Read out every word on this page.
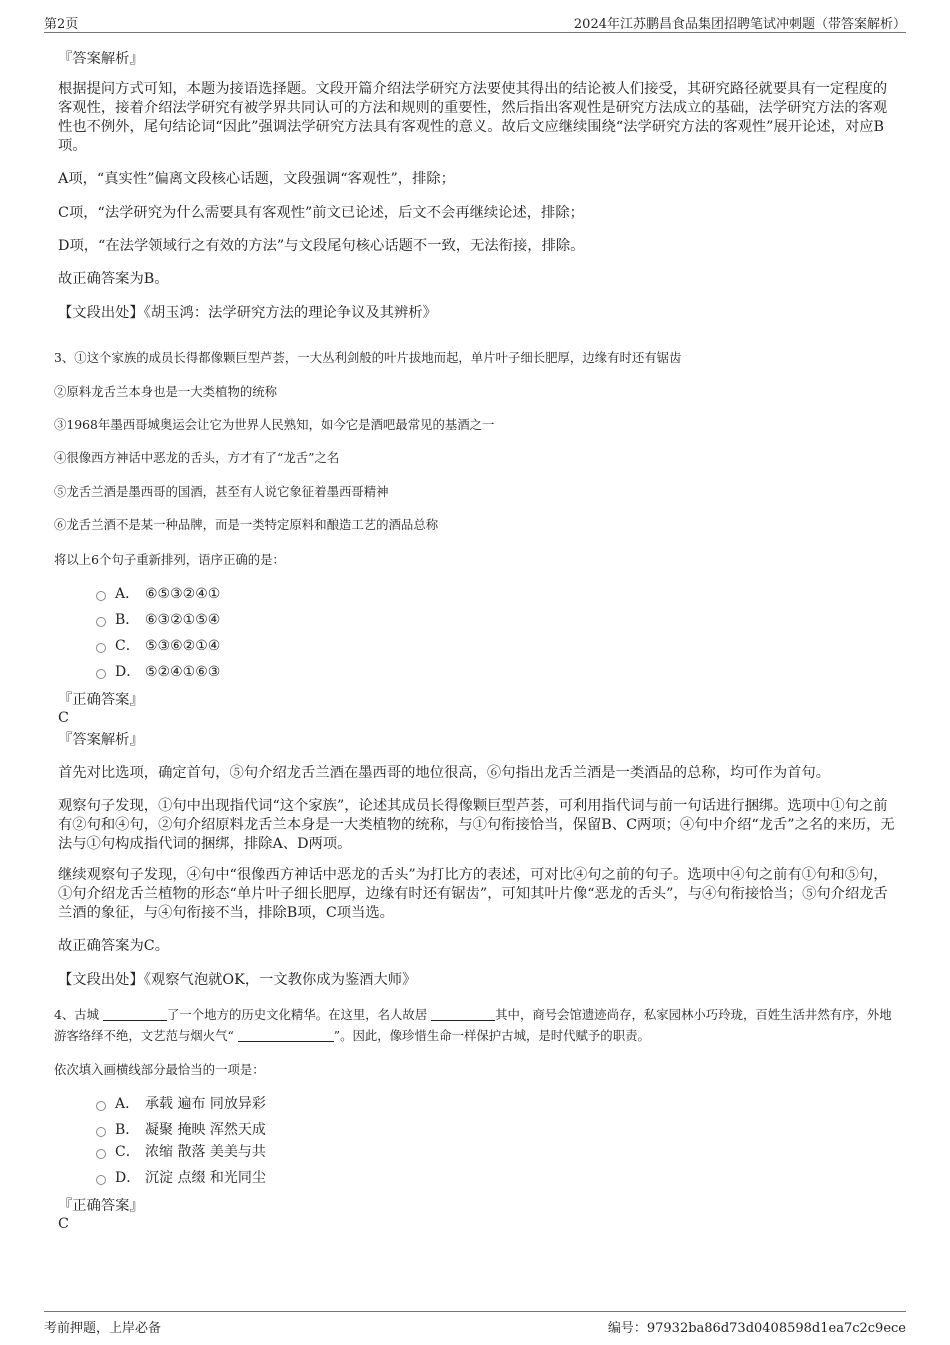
第2页	2024年江苏鹏昌食品集团招聘笔试冲刺题（带答案解析）

『答案解析』

根据提问方式可知，本题为接语选择题。文段开篇介绍法学研究方法要使其得出的结论被人们接受，其研究路径就要具有一定程度的客观性，接着介绍法学研究有被学界共同认可的方法和规则的重要性，然后指出客观性是研究方法成立的基础，法学研究方法的客观性也不例外，尾句结论词“因此”强调法学研究方法具有客观性的意义。故后文应继续围绕“法学研究方法的客观性”展开论述，对应B项。

A项，“真实性”偏离文段核心话题，文段强调“客观性”，排除；

C项，“法学研究为什么需要具有客观性”前文已论述，后文不会再继续论述，排除；

D项，“在法学领域行之有效的方法”与文段尾句核心话题不一致，无法衔接，排除。

故正确答案为B。

【文段出处】《胡玉鸿：法学研究方法的理论争议及其辨析》

3、①这个家族的成员长得都像颗巨型芦荟，一大丛利剑般的叶片拔地而起，单片叶子细长肥厚，边缘有时还有锯齿

②原料龙舌兰本身也是一大类植物的统称

③1968年墨西哥城奥运会让它为世界人民熟知，如今它是酒吧最常见的基酒之一

④很像西方神话中恶龙的舌头，方才有了“龙舌”之名

⑤龙舌兰酒是墨西哥的国酒，甚至有人说它象征着墨西哥精神

⑥龙舌兰酒不是某一种品牌，而是一类特定原料和酿造工艺的酒品总称

将以上6个句子重新排列，语序正确的是：

A． ⑥⑤③②④①
B． ⑥③②①⑤④
C． ⑤③⑥②①④
D． ⑤②④①⑥③

『正确答案』

C

『答案解析』

首先对比选项，确定首句，⑤句介绍龙舌兰酒在墨西哥的地位很高，⑥句指出龙舌兰酒是一类酒品的总称，均可作为首句。

观察句子发现，①句中出现指代词“这个家族”，论述其成员长得像颗巨型芦荟，可利用指代词与前一句话进行捆绑。选项中①句之前有②句和④句，②句介绍原料龙舌兰本身是一大类植物的统称，与①句衔接恰当，保留B、C两项；④句中介绍“龙舌”之名的来历，无法与①句构成指代词的捆绑，排除A、D两项。

继续观察句子发现，④句中“很像西方神话中恶龙的舌头”为打比方的表述，可对比④句之前的句子。选项中④句之前有①句和⑤句，①句介绍龙舌兰植物的形态“单片叶子细长肥厚，边缘有时还有锯齿”，可知其叶片像“恶龙的舌头”，与④句衔接恰当；⑤句介绍龙舌兰酒的象征，与④句衔接不当，排除B项，C项当选。

故正确答案为C。

【文段出处】《观察气泡就OK，一文教你成为鉴酒大师》

4、古城	了一个地方的历史文化精华。在这里，名人故居	其中，商号会馆遗迹尚存，私家园林小巧玲珑，百姓生活井然有序，外地游客络绎不绝，文艺范与烟火气“	”。因此，像珍惜生命一样保护古城，是时代赋予的职责。

依次填入画横线部分最恰当的一项是：

A． 承载 遍布 同放异彩
B． 凝聚 掩映 浑然天成
C． 浓缩 散落 美美与共
D． 沉淀 点缀 和光同尘

『正确答案』

C

考前押题，上岸必备	编号：97932ba86d73d0408598d1ea7c2c9ece
